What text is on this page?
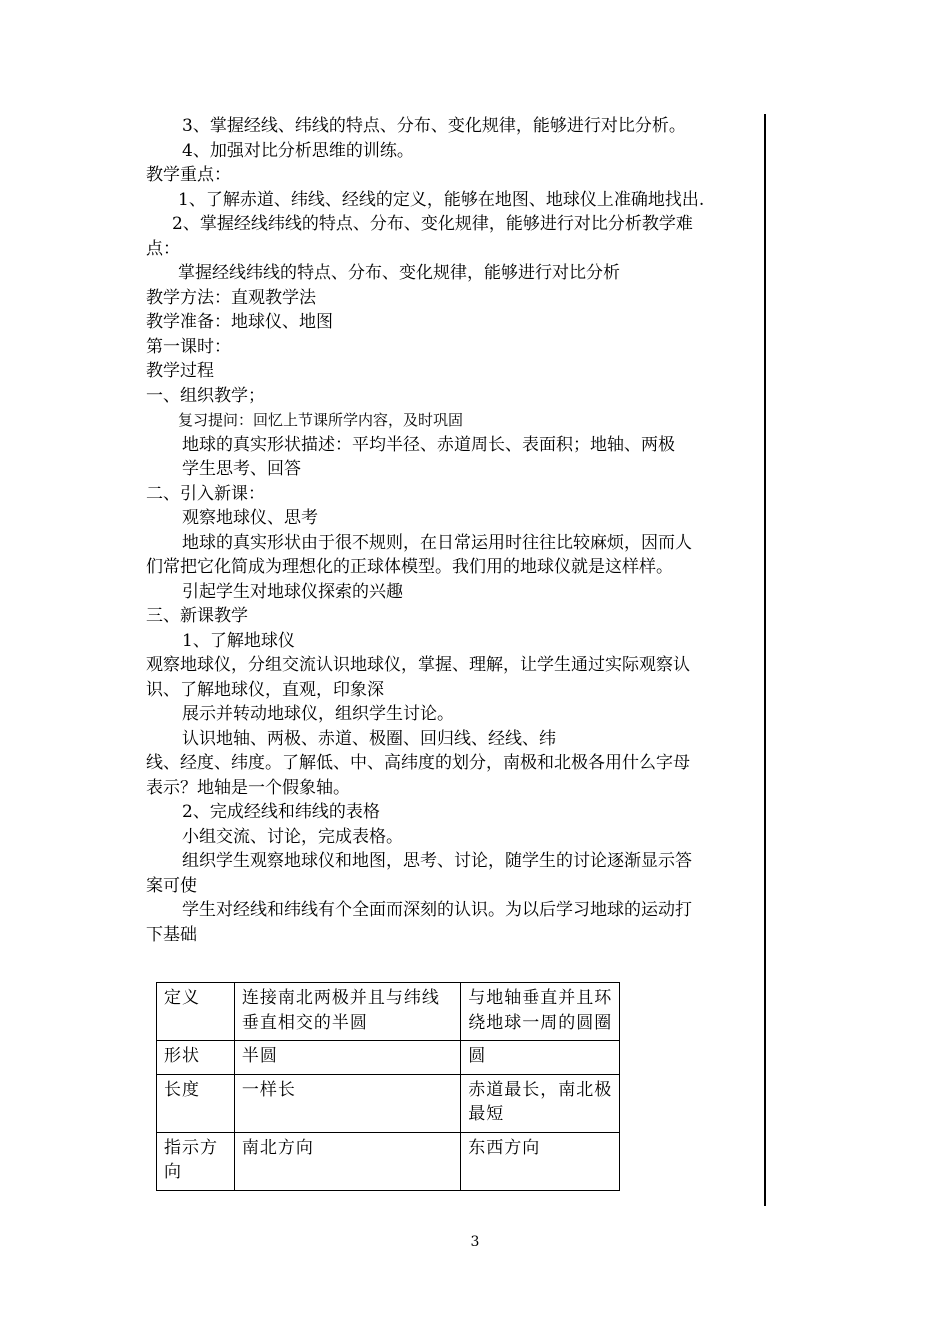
3、掌握经线、纬线的特点、分布、变化规律，能够进行对比分析。
4、加强对比分析思维的训练。
教学重点：
1、了解赤道、纬线、经线的定义，能够在地图、地球仪上准确地找出.
2、掌握经线纬线的特点、分布、变化规律，能够进行对比分析教学难
点：
掌握经线纬线的特点、分布、变化规律，能够进行对比分析
教学方法：直观教学法
教学准备：地球仪、地图
第一课时：
教学过程
一、组织教学；
复习提问：回忆上节课所学内容，及时巩固
地球的真实形状描述：平均半径、赤道周长、表面积；地轴、两极
学生思考、回答
二、引入新课：
观察地球仪、思考
地球的真实形状由于很不规则，在日常运用时往往比较麻烦，因而人
们常把它化简成为理想化的正球体模型。我们用的地球仪就是这样样。
引起学生对地球仪探索的兴趣
三、新课教学
1、了解地球仪
观察地球仪，分组交流认识地球仪，掌握、理解，让学生通过实际观察认
识、了解地球仪，直观，印象深
展示并转动地球仪，组织学生讨论。
认识地轴、两极、赤道、极圈、回归线、经线、纬
线、经度、纬度。了解低、中、高纬度的划分，南极和北极各用什么字母
表示？地轴是一个假象轴。
2、完成经线和纬线的表格
小组交流、讨论，完成表格。
组织学生观察地球仪和地图，思考、讨论，随学生的讨论逐渐显示答
案可使
学生对经线和纬线有个全面而深刻的认识。为以后学习地球的运动打
下基础
定义	连接南北两极并且与纬线垂直相交的半圆	与地轴垂直并且环绕地球一周的圆圈
形状	半圆	圆
长度	一样长	赤道最长，南北极最短
指示方向	南北方向	东西方向
3
